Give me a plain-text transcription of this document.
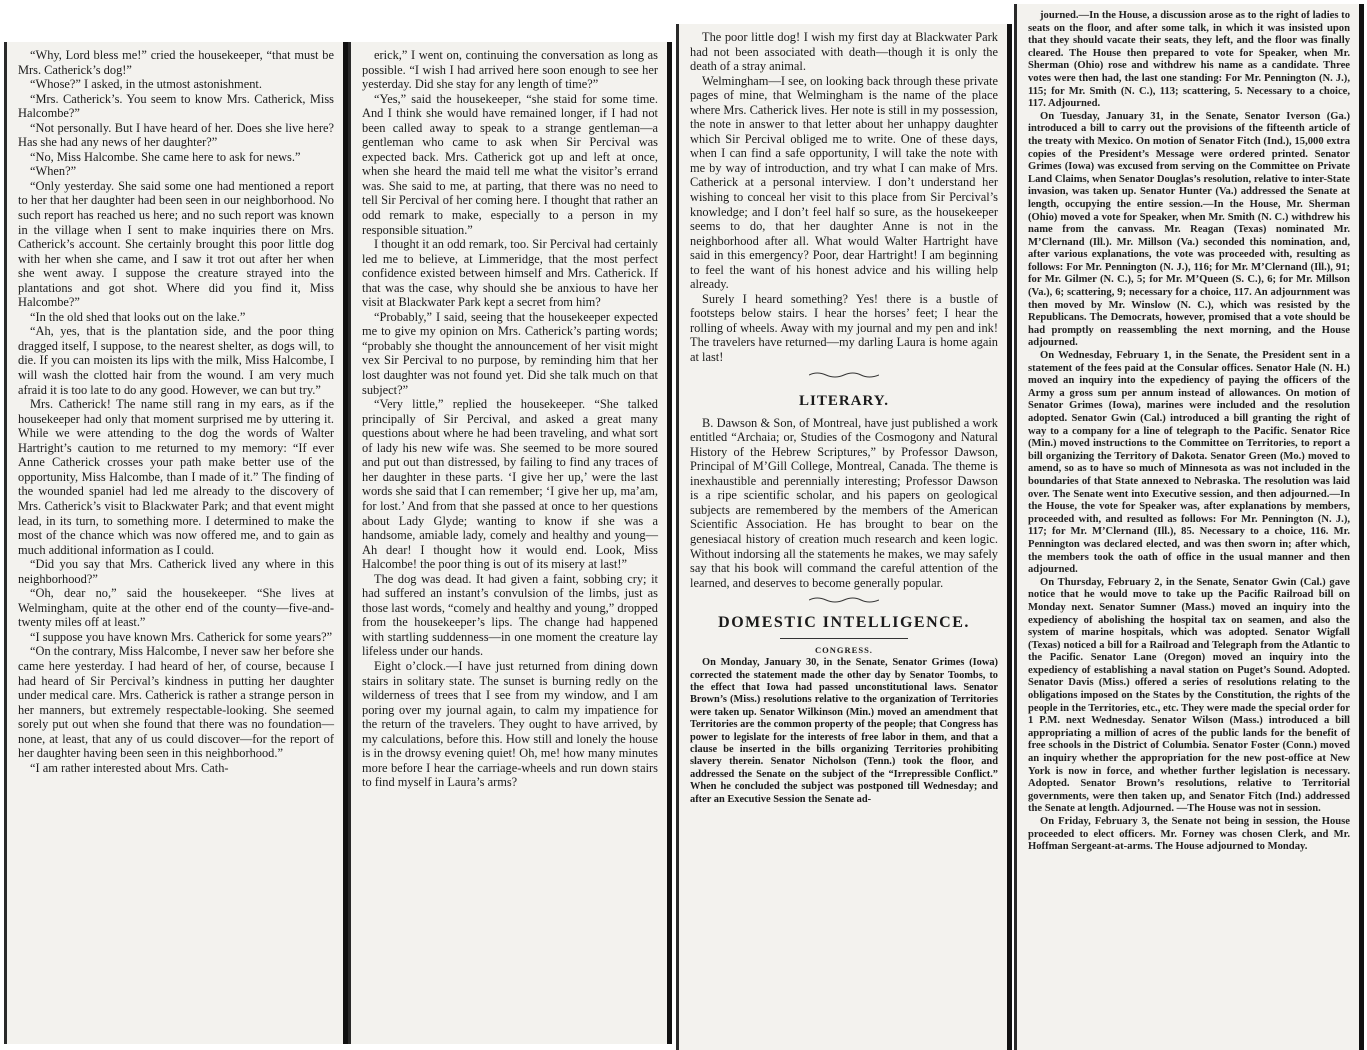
“Why, Lord bless me!” cried the housekeeper, “that must be Mrs. Catherick’s dog!”

“Whose?” I asked, in the utmost astonishment.

“Mrs. Catherick’s. You seem to know Mrs. Catherick, Miss Halcombe?”

“Not personally. But I have heard of her. Does she live here? Has she had any news of her daughter?”

“No, Miss Halcombe. She came here to ask for news.”

“When?”

“Only yesterday. She said some one had mentioned a report to her that her daughter had been seen in our neighborhood. No such report has reached us here; and no such report was known in the village when I sent to make inquiries there on Mrs. Catherick’s account. She certainly brought this poor little dog with her when she came, and I saw it trot out after her when she went away. I suppose the creature strayed into the plantations and got shot. Where did you find it, Miss Halcombe?”

“In the old shed that looks out on the lake.”

“Ah, yes, that is the plantation side, and the poor thing dragged itself, I suppose, to the nearest shelter, as dogs will, to die. If you can moisten its lips with the milk, Miss Halcombe, I will wash the clotted hair from the wound. I am very much afraid it is too late to do any good. However, we can but try.”

Mrs. Catherick! The name still rang in my ears, as if the housekeeper had only that moment surprised me by uttering it. While we were attending to the dog the words of Walter Hartright’s caution to me returned to my memory: “If ever Anne Catherick crosses your path make better use of the opportunity, Miss Halcombe, than I made of it.” The finding of the wounded spaniel had led me already to the discovery of Mrs. Catherick’s visit to Blackwater Park; and that event might lead, in its turn, to something more. I determined to make the most of the chance which was now offered me, and to gain as much additional information as I could.

“Did you say that Mrs. Catherick lived any where in this neighborhood?”

“Oh, dear no,” said the housekeeper. “She lives at Welmingham, quite at the other end of the county—five-and-twenty miles off at least.”

“I suppose you have known Mrs. Catherick for some years?”

“On the contrary, Miss Halcombe, I never saw her before she came here yesterday. I had heard of her, of course, because I had heard of Sir Percival’s kindness in putting her daughter under medical care. Mrs. Catherick is rather a strange person in her manners, but extremely respectable-looking. She seemed sorely put out when she found that there was no foundation—none, at least, that any of us could discover—for the report of her daughter having been seen in this neighborhood.”

“I am rather interested about Mrs. Cath-

erick,” I went on, continuing the conversation as long as possible. “I wish I had arrived here soon enough to see her yesterday. Did she stay for any length of time?”

“Yes,” said the housekeeper, “she staid for some time. And I think she would have remained longer, if I had not been called away to speak to a strange gentleman—a gentleman who came to ask when Sir Percival was expected back. Mrs. Catherick got up and left at once, when she heard the maid tell me what the visitor’s errand was. She said to me, at parting, that there was no need to tell Sir Percival of her coming here. I thought that rather an odd remark to make, especially to a person in my responsible situation.”

I thought it an odd remark, too. Sir Percival had certainly led me to believe, at Limmeridge, that the most perfect confidence existed between himself and Mrs. Catherick. If that was the case, why should she be anxious to have her visit at Blackwater Park kept a secret from him?

“Probably,” I said, seeing that the housekeeper expected me to give my opinion on Mrs. Catherick’s parting words; “probably she thought the announcement of her visit might vex Sir Percival to no purpose, by reminding him that her lost daughter was not found yet. Did she talk much on that subject?”

“Very little,” replied the housekeeper. “She talked principally of Sir Percival, and asked a great many questions about where he had been traveling, and what sort of lady his new wife was. She seemed to be more soured and put out than distressed, by failing to find any traces of her daughter in these parts. ‘I give her up,’ were the last words she said that I can remember; ‘I give her up, ma’am, for lost.’ And from that she passed at once to her questions about Lady Glyde; wanting to know if she was a handsome, amiable lady, comely and healthy and young—Ah dear! I thought how it would end. Look, Miss Halcombe! the poor thing is out of its misery at last!”

The dog was dead. It had given a faint, sobbing cry; it had suffered an instant’s convulsion of the limbs, just as those last words, “comely and healthy and young,” dropped from the housekeeper’s lips. The change had happened with startling suddenness—in one moment the creature lay lifeless under our hands.

Eight o’clock.—I have just returned from dining down stairs in solitary state. The sunset is burning redly on the wilderness of trees that I see from my window, and I am poring over my journal again, to calm my impatience for the return of the travelers. They ought to have arrived, by my calculations, before this. How still and lonely the house is in the drowsy evening quiet! Oh, me! how many minutes more before I hear the carriage-wheels and run down stairs to find myself in Laura’s arms?

The poor little dog! I wish my first day at Blackwater Park had not been associated with death—though it is only the death of a stray animal.

Welmingham—I see, on looking back through these private pages of mine, that Welmingham is the name of the place where Mrs. Catherick lives. Her note is still in my possession, the note in answer to that letter about her unhappy daughter which Sir Percival obliged me to write. One of these days, when I can find a safe opportunity, I will take the note with me by way of introduction, and try what I can make of Mrs. Catherick at a personal interview. I don’t understand her wishing to conceal her visit to this place from Sir Percival’s knowledge; and I don’t feel half so sure, as the housekeeper seems to do, that her daughter Anne is not in the neighborhood after all. What would Walter Hartright have said in this emergency? Poor, dear Hartright! I am beginning to feel the want of his honest advice and his willing help already.

Surely I heard something? Yes! there is a bustle of footsteps below stairs. I hear the horses’ feet; I hear the rolling of wheels. Away with my journal and my pen and ink! The travelers have returned—my darling Laura is home again at last!

LITERARY.

B. Dawson & Son, of Montreal, have just published a work entitled “Archaia; or, Studies of the Cosmogony and Natural History of the Hebrew Scriptures,” by Professor Dawson, Principal of M’Gill College, Montreal, Canada. The theme is inexhaustible and perennially interesting; Professor Dawson is a ripe scientific scholar, and his papers on geological subjects are remembered by the members of the American Scientific Association. He has brought to bear on the genesiacal history of creation much research and keen logic. Without indorsing all the statements he makes, we may safely say that his book will command the careful attention of the learned, and deserves to become generally popular.

DOMESTIC INTELLIGENCE.
CONGRESS.

On Monday, January 30, in the Senate, Senator Grimes (Iowa) corrected the statement made the other day by Senator Toombs, to the effect that Iowa had passed unconstitutional laws. Senator Brown’s (Miss.) resolutions relative to the organization of Territories were taken up. Senator Wilkinson (Min.) moved an amendment that Territories are the common property of the people; that Congress has power to legislate for the interests of free labor in them, and that a clause be inserted in the bills organizing Territories prohibiting slavery therein. Senator Nicholson (Tenn.) took the floor, and addressed the Senate on the subject of the “Irrepressible Conflict.” When he concluded the subject was postponed till Wednesday; and after an Executive Session the Senate ad-

journed.—In the House, a discussion arose as to the right of ladies to seats on the floor, and after some talk, in which it was insisted upon that they should vacate their seats, they left, and the floor was finally cleared. The House then prepared to vote for Speaker, when Mr. Sherman (Ohio) rose and withdrew his name as a candidate. Three votes were then had, the last one standing: For Mr. Pennington (N. J.), 115; for Mr. Smith (N. C.), 113; scattering, 5. Necessary to a choice, 117. Adjourned.

On Tuesday, January 31, in the Senate, Senator Iverson (Ga.) introduced a bill to carry out the provisions of the fifteenth article of the treaty with Mexico. On motion of Senator Fitch (Ind.), 15,000 extra copies of the President’s Message were ordered printed. Senator Grimes (Iowa) was excused from serving on the Committee on Private Land Claims, when Senator Douglas’s resolution, relative to inter-State invasion, was taken up. Senator Hunter (Va.) addressed the Senate at length, occupying the entire session.—In the House, Mr. Sherman (Ohio) moved a vote for Speaker, when Mr. Smith (N. C.) withdrew his name from the canvass. Mr. Reagan (Texas) nominated Mr. M’Clernand (Ill.). Mr. Millson (Va.) seconded this nomination, and, after various explanations, the vote was proceeded with, resulting as follows: For Mr. Pennington (N. J.), 116; for Mr. M’Clernand (Ill.), 91; for Mr. Gilmer (N. C.), 5; for Mr. M’Queen (S. C.), 6; for Mr. Millson (Va.), 6; scattering, 9; necessary for a choice, 117. An adjournment was then moved by Mr. Winslow (N. C.), which was resisted by the Republicans. The Democrats, however, promised that a vote should be had promptly on reassembling the next morning, and the House adjourned.

On Wednesday, February 1, in the Senate, the President sent in a statement of the fees paid at the Consular offices. Senator Hale (N. H.) moved an inquiry into the expediency of paying the officers of the Army a gross sum per annum instead of allowances. On motion of Senator Grimes (Iowa), marines were included and the resolution adopted. Senator Gwin (Cal.) introduced a bill granting the right of way to a company for a line of telegraph to the Pacific. Senator Rice (Min.) moved instructions to the Committee on Territories, to report a bill organizing the Territory of Dakota. Senator Green (Mo.) moved to amend, so as to have so much of Minnesota as was not included in the boundaries of that State annexed to Nebraska. The resolution was laid over. The Senate went into Executive session, and then adjourned.—In the House, the vote for Speaker was, after explanations by members, proceeded with, and resulted as follows: For Mr. Pennington (N. J.), 117; for Mr. M’Clernand (Ill.), 85. Necessary to a choice, 116. Mr. Pennington was declared elected, and was then sworn in; after which, the members took the oath of office in the usual manner and then adjourned.

On Thursday, February 2, in the Senate, Senator Gwin (Cal.) gave notice that he would move to take up the Pacific Railroad bill on Monday next. Senator Sumner (Mass.) moved an inquiry into the expediency of abolishing the hospital tax on seamen, and also the system of marine hospitals, which was adopted. Senator Wigfall (Texas) noticed a bill for a Railroad and Telegraph from the Atlantic to the Pacific. Senator Lane (Oregon) moved an inquiry into the expediency of establishing a naval station on Puget’s Sound. Adopted. Senator Davis (Miss.) offered a series of resolutions relating to the obligations imposed on the States by the Constitution, the rights of the people in the Territories, etc., etc. They were made the special order for 1 P.M. next Wednesday. Senator Wilson (Mass.) introduced a bill appropriating a million of acres of the public lands for the benefit of free schools in the District of Columbia. Senator Foster (Conn.) moved an inquiry whether the appropriation for the new post-office at New York is now in force, and whether further legislation is necessary. Adopted. Senator Brown’s resolutions, relative to Territorial governments, were then taken up, and Senator Fitch (Ind.) addressed the Senate at length. Adjourned. —The House was not in session.

On Friday, February 3, the Senate not being in session, the House proceeded to elect officers. Mr. Forney was chosen Clerk, and Mr. Hoffman Sergeant-at-arms. The House adjourned to Monday.
